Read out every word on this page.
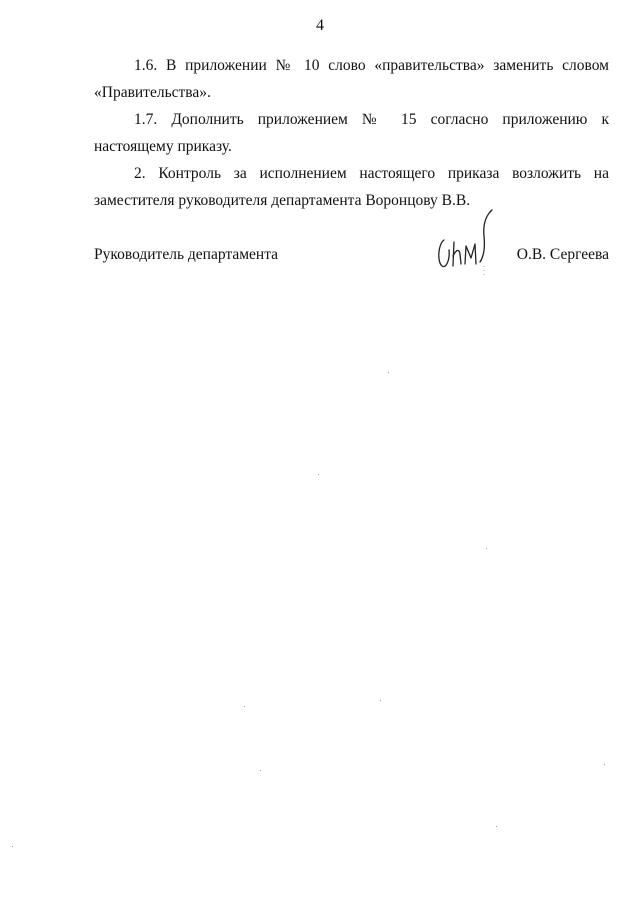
4

1.6. В приложении № 10 слово «правительства» заменить словом «Правительства».

1.7. Дополнить приложением № 15 согласно приложению к настоящему приказу.

2. Контроль за исполнением настоящего приказа возложить на заместителя руководителя департамента Воронцову В.В.

Руководитель департамента	О.В. Сергеева
